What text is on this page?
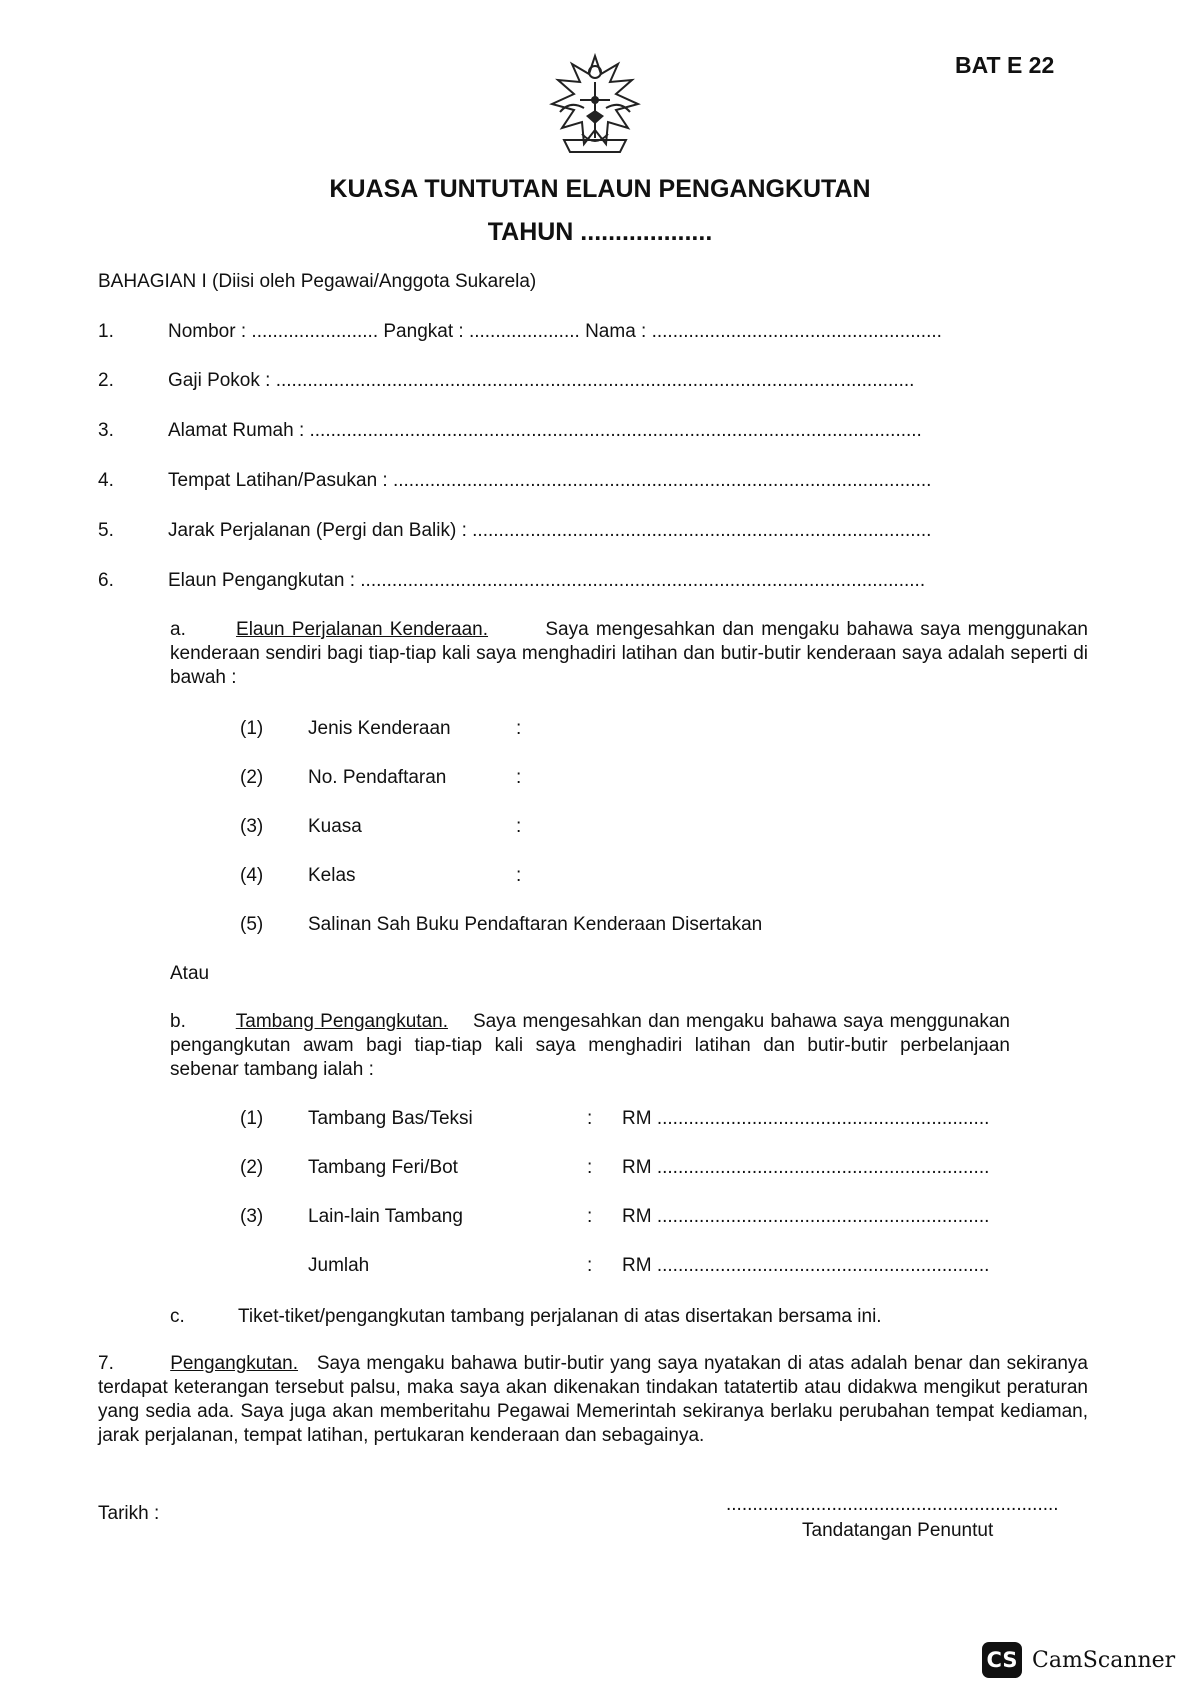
BAT E 22
KUASA TUNTUTAN ELAUN PENGANGKUTAN
TAHUN ...................
BAHAGIAN I (Diisi oleh Pegawai/Anggota Sukarela)
1.	Nombor : ........................ Pangkat : ..................... Nama : .......................................................
2.	Gaji Pokok : .........................................................................................................................
3.	Alamat Rumah : ....................................................................................................................
4.	Tempat Latihan/Pasukan : ......................................................................................................
5.	Jarak Perjalanan (Pergi dan Balik) : .......................................................................................
6.	Elaun Pengangkutan : ...........................................................................................................
a.	Elaun Perjalanan Kenderaan.	Saya mengesahkan dan mengaku bahawa saya menggunakan kenderaan sendiri bagi tiap-tiap kali saya menghadiri latihan dan butir-butir kenderaan saya adalah seperti di bawah :
(1) Jenis Kenderaan	:
(2) No. Pendaftaran	:
(3) Kuasa	:
(4) Kelas	:
(5) Salinan Sah Buku Pendaftaran Kenderaan Disertakan
Atau
b.	Tambang Pengangkutan. Saya mengesahkan dan mengaku bahawa saya menggunakan pengangkutan awam bagi tiap-tiap kali saya menghadiri latihan dan butir-butir perbelanjaan sebenar tambang ialah :
(1) Tambang Bas/Teksi	: RM ...............................................................
(2) Tambang Feri/Bot	: RM ...............................................................
(3) Lain-lain Tambang	: RM ...............................................................
Jumlah	: RM ...............................................................
c.	Tiket-tiket/pengangkutan tambang perjalanan di atas disertakan bersama ini.
7.	Pengangkutan. Saya mengaku bahawa butir-butir yang saya nyatakan di atas adalah benar dan sekiranya terdapat keterangan tersebut palsu, maka saya akan dikenakan tindakan tatatertib atau didakwa mengikut peraturan yang sedia ada. Saya juga akan memberitahu Pegawai Memerintah sekiranya berlaku perubahan tempat kediaman, jarak perjalanan, tempat latihan, pertukaran kenderaan dan sebagainya.
Tarikh :	...............................................................
Tandatangan Penuntut
CS CamScanner
